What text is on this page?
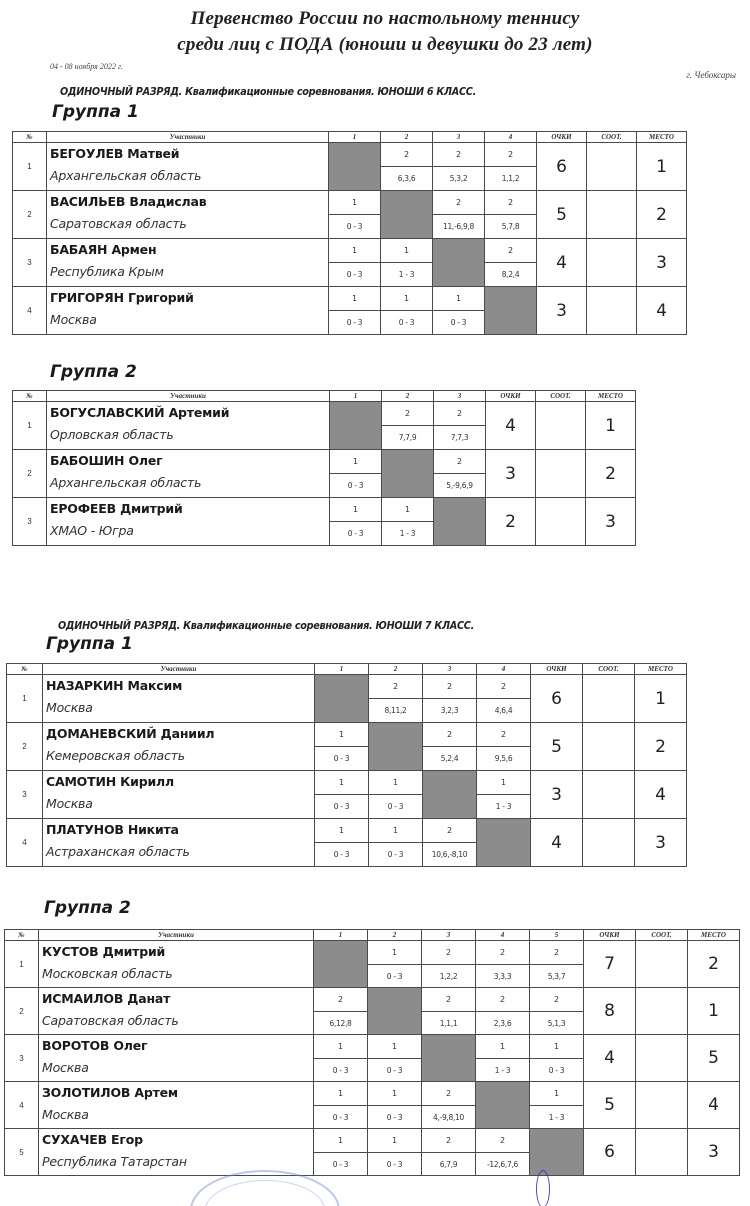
Первенство России по настольному теннису
среди лиц с ПОДА (юноши и девушки до 23 лет)
04 - 08 ноября 2022 г.
г. Чебоксары
ОДИНОЧНЫЙ РАЗРЯД. Квалификационные соревнования. ЮНОШИ 6 КЛАСС.
Группа 1
№	Участники	1	2	3	4	ОЧКИ	СООТ.	МЕСТО
1	БЕГОУЛЕВ Матвей
Архангельская область		2	2	2	6		1
			6,3,6	5,3,2	1,1,2			
2	ВАСИЛЬЕВ Владислав
Саратовская область	1		2	2	5		2
		0 - 3		11,-6,9,8	5,7,8			
3	БАБАЯН Армен
Республика Крым	1	1		2	4		3
		0 - 3	1 - 3		8,2,4			
4	ГРИГОРЯН Григорий
Москва	1	1	1		3		4
		0 - 3	0 - 3	0 - 3				
Группа 2
№	Участники	1	2	3	ОЧКИ	СООТ.	МЕСТО
1	БОГУСЛАВСКИЙ Артемий
Орловская область		2	2	4		1
			7,7,9	7,7,3			
2	БАБОШИН Олег
Архангельская область	1		2	3		2
		0 - 3		5,-9,6,9			
3	ЕРОФЕЕВ Дмитрий
ХМАО - Югра	1	1		2		3
		0 - 3	1 - 3				
ОДИНОЧНЫЙ РАЗРЯД. Квалификационные соревнования. ЮНОШИ 7 КЛАСС.
Группа 1
№	Участники	1	2	3	4	ОЧКИ	СООТ.	МЕСТО
1	НАЗАРКИН Максим
Москва		2	2	2	6		1
			8,11,2	3,2,3	4,6,4			
2	ДОМАНЕВСКИЙ Даниил
Кемеровская область	1		2	2	5		2
		0 - 3		5,2,4	9,5,6			
3	САМОТИН Кирилл
Москва	1	1		1	3		4
		0 - 3	0 - 3		1 - 3			
4	ПЛАТУНОВ Никита
Астраханская область	1	1	2		4		3
		0 - 3	0 - 3	10,6,-8,10				
Группа 2
№	Участники	1	2	3	4	5	ОЧКИ	СООТ.	МЕСТО
1	КУСТОВ Дмитрий
Московская область		1	2	2	2	7		2
			0 - 3	1,2,2	3,3,3	5,3,7			
2	ИСМАИЛОВ Данат
Саратовская область	2		2	2	2	8		1
		6,12,8		1,1,1	2,3,6	5,1,3			
3	ВОРОТОВ Олег
Москва	1	1		1	1	4		5
		0 - 3	0 - 3		1 - 3	0 - 3			
4	ЗОЛОТИЛОВ Артем
Москва	1	1	2		1	5		4
		0 - 3	0 - 3	4,-9,8,10		1 - 3			
5	СУХАЧЕВ Егор
Республика Татарстан	1	1	2	2		6		3
		0 - 3	0 - 3	6,7,9	-12,6,7,6				
